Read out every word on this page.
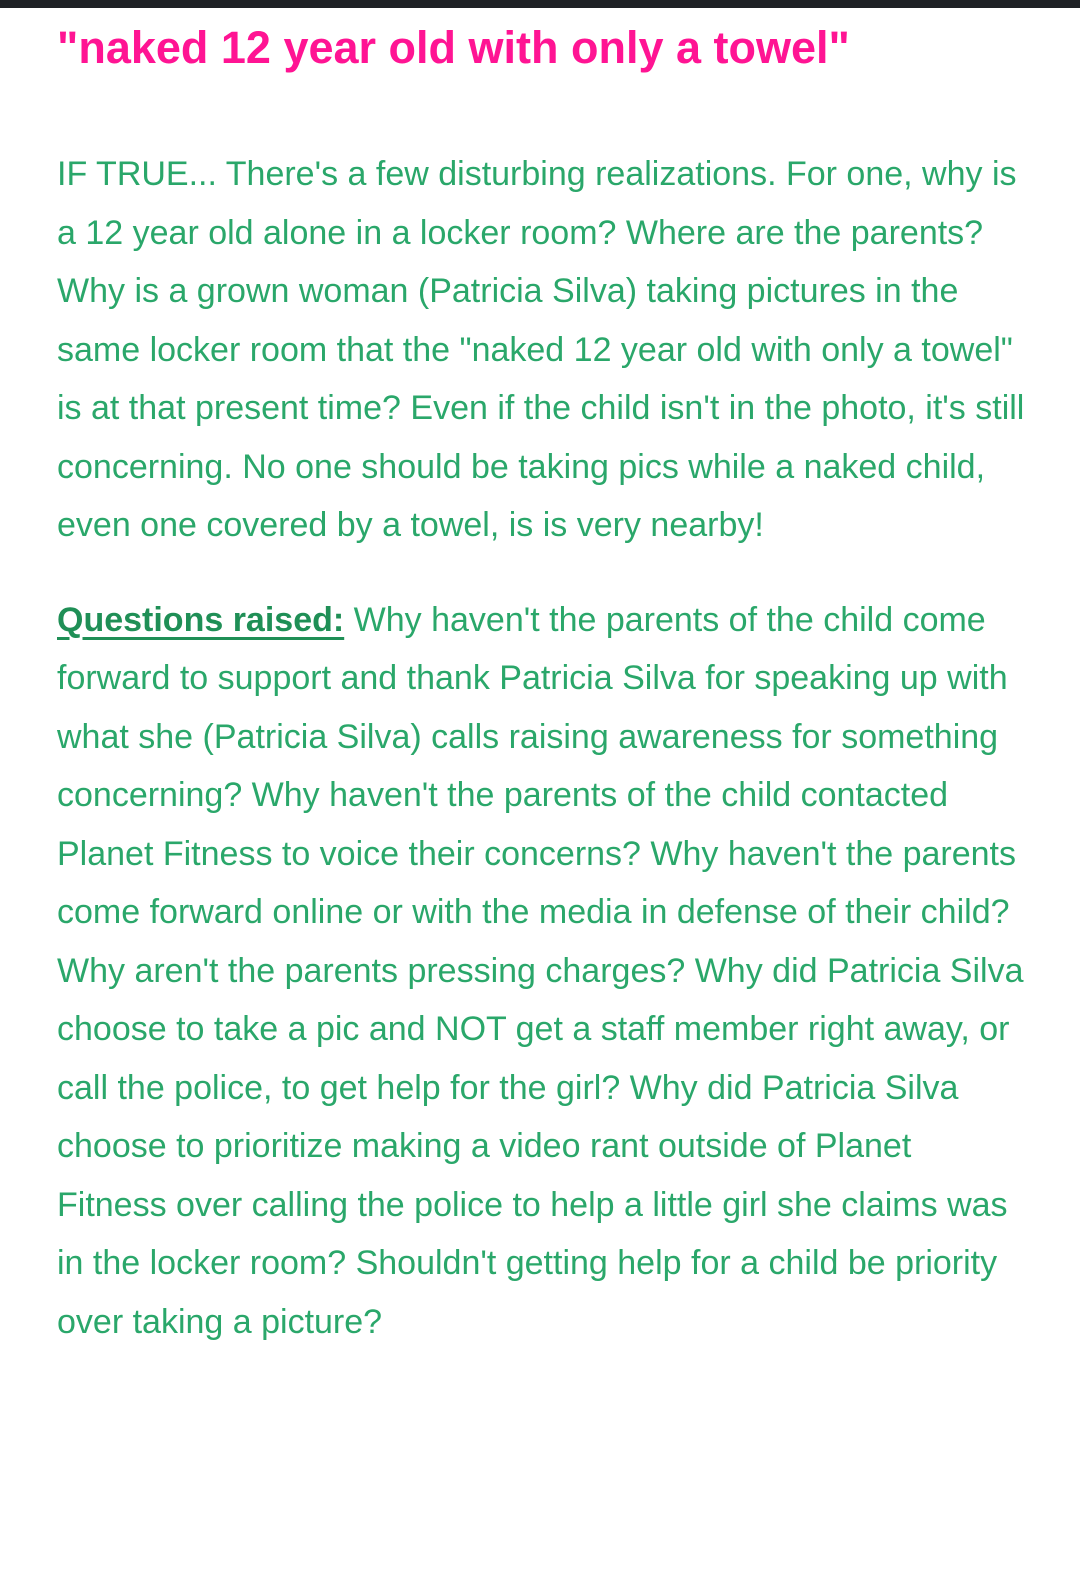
"naked 12 year old with only a towel"

IF TRUE... There's a few disturbing realizations. For one, why is a 12 year old alone in a locker room? Where are the parents? Why is a grown woman (Patricia Silva) taking pictures in the same locker room that the "naked 12 year old with only a towel" is at that present time? Even if the child isn't in the photo, it's still concerning. No one should be taking pics while a naked child, even one covered by a towel, is is very nearby!

Questions raised: Why haven't the parents of the child come forward to support and thank Patricia Silva for speaking up with what she (Patricia Silva) calls raising awareness for something concerning? Why haven't the parents of the child contacted Planet Fitness to voice their concerns? Why haven't the parents come forward online or with the media in defense of their child? Why aren't the parents pressing charges? Why did Patricia Silva choose to take a pic and NOT get a staff member right away, or call the police, to get help for the girl? Why did Patricia Silva choose to prioritize making a video rant outside of Planet Fitness over calling the police to help a little girl she claims was in the locker room? Shouldn't getting help for a child be priority over taking a picture?
